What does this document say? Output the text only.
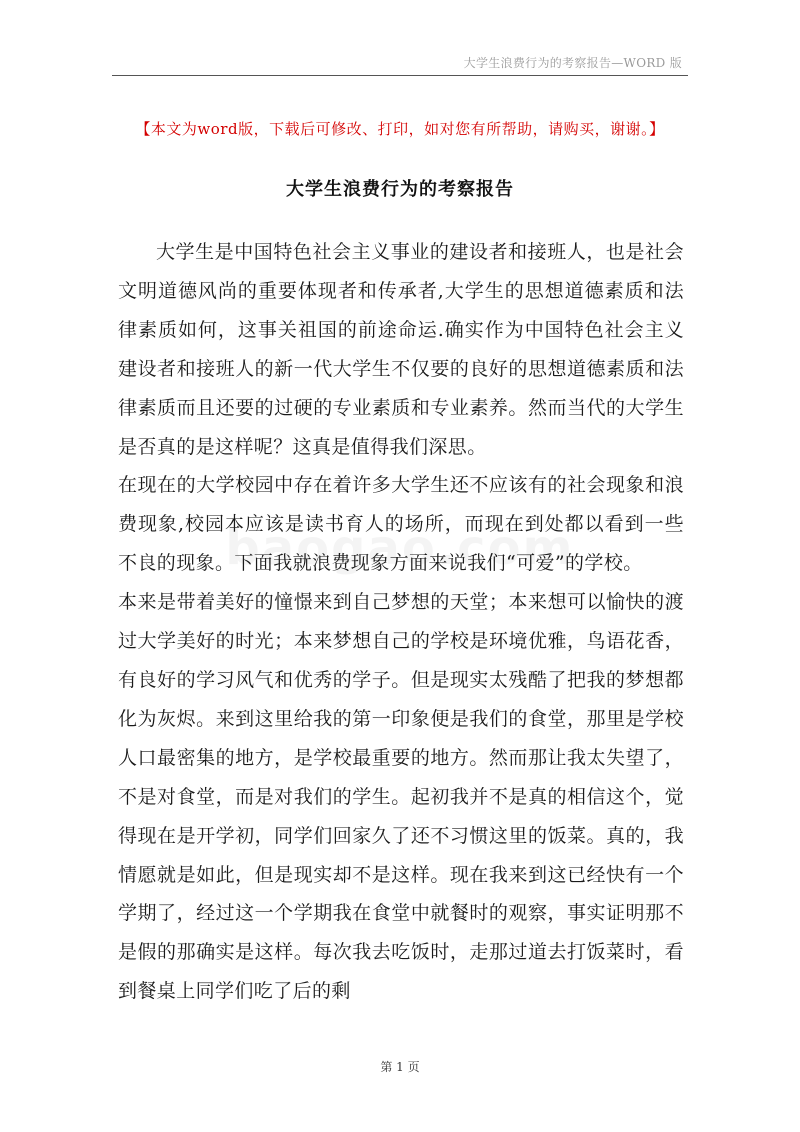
大学生浪费行为的考察报告—WORD 版
【本文为word版，下载后可修改、打印，如对您有所帮助，请购买，谢谢。】
大学生浪费行为的考察报告

大学生是中国特色社会主义事业的建设者和接班人，也是社会文明道德风尚的重要体现者和传承者,大学生的思想道德素质和法律素质如何，这事关祖国的前途命运.确实作为中国特色社会主义建设者和接班人的新一代大学生不仅要的良好的思想道德素质和法律素质而且还要的过硬的专业素质和专业素养。然而当代的大学生是否真的是这样呢？这真是值得我们深思。

在现在的大学校园中存在着许多大学生还不应该有的社会现象和浪费现象,校园本应该是读书育人的场所，而现在到处都以看到一些不良的现象。下面我就浪费现象方面来说我们“可爱”的学校。

本来是带着美好的憧憬来到自己梦想的天堂；本来想可以愉快的渡过大学美好的时光；本来梦想自己的学校是环境优雅，鸟语花香，有良好的学习风气和优秀的学子。但是现实太残酷了把我的梦想都化为灰烬。来到这里给我的第一印象便是我们的食堂，那里是学校人口最密集的地方，是学校最重要的地方。然而那让我太失望了，不是对食堂，而是对我们的学生。起初我并不是真的相信这个，觉得现在是开学初，同学们回家久了还不习惯这里的饭菜。真的，我情愿就是如此，但是现实却不是这样。现在我来到这已经快有一个学期了，经过这一个学期我在食堂中就餐时的观察，事实证明那不是假的那确实是这样。每次我去吃饭时，走那过道去打饭菜时，看到餐桌上同学们吃了后的剩

第 1 页
